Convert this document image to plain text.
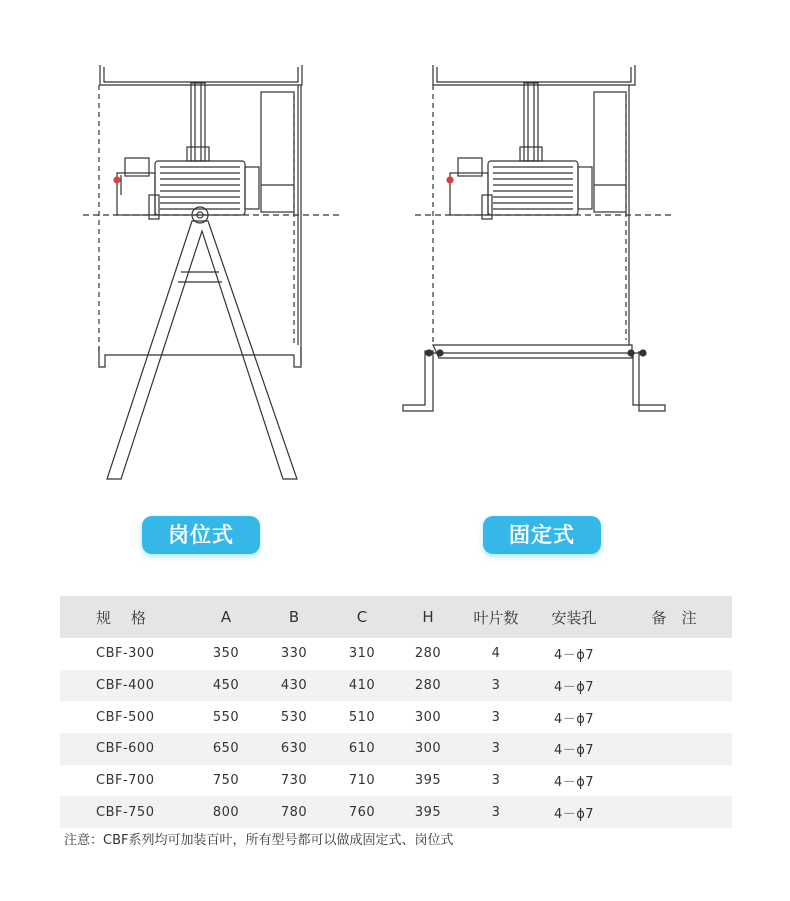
岗位式	固定式
规格	A	B	C	H	叶片数	安装孔	备　注
CBF-300	350	330	310	280	4	4－ϕ7	
CBF-400	450	430	410	280	3	4－ϕ7	
CBF-500	550	530	510	300	3	4－ϕ7	
CBF-600	650	630	610	300	3	4－ϕ7	
CBF-700	750	730	710	395	3	4－ϕ7	
CBF-750	800	780	760	395	3	4－ϕ7	
注意：CBF系列均可加装百叶，所有型号都可以做成固定式、岗位式
